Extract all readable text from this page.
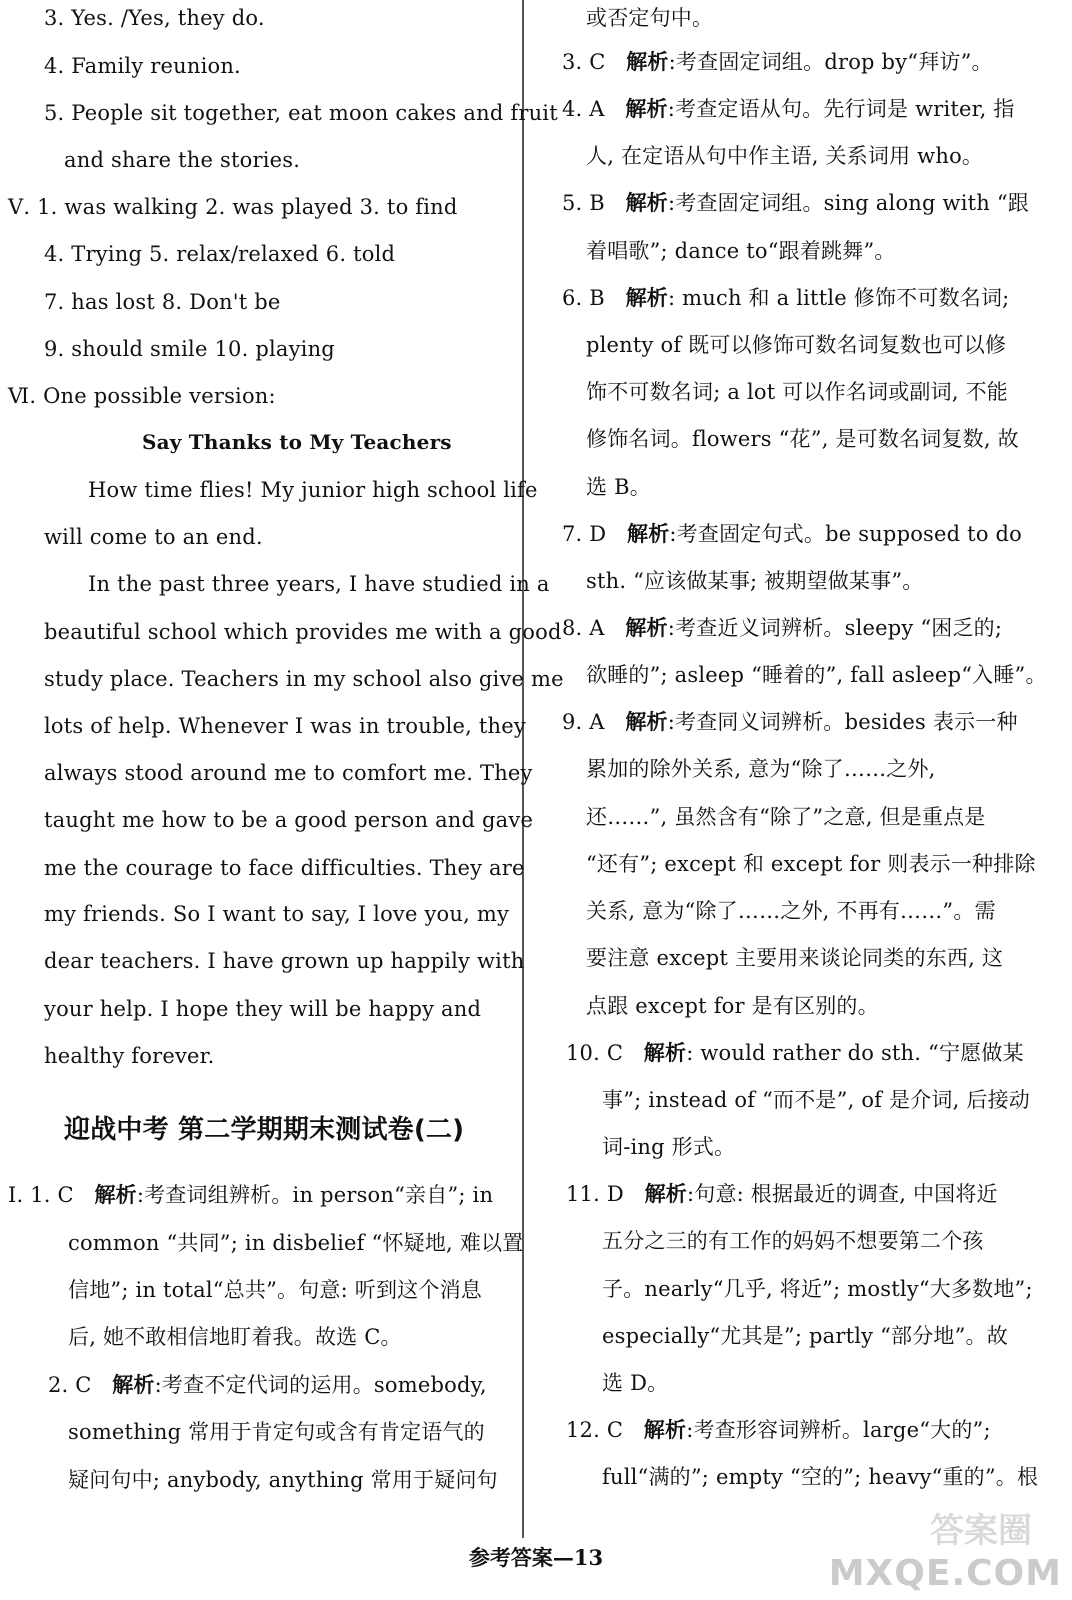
3. Yes. /Yes, they do.
4. Family reunion.
5. People sit together, eat moon cakes and fruit
and share the stories.
Ⅴ. 1. was walking 2. was played 3. to find
4. Trying 5. relax/relaxed 6. told
7. has lost 8. Don't be
9. should smile 10. playing
Ⅵ. One possible version:
Say Thanks to My Teachers
How time flies! My junior high school life
will come to an end.
In the past three years, I have studied in a
beautiful school which provides me with a good
study place. Teachers in my school also give me
lots of help. Whenever I was in trouble, they
always stood around me to comfort me. They
taught me how to be a good person and gave
me the courage to face difficulties. They are
my friends. So I want to say, I love you, my
dear teachers. I have grown up happily with
your help. I hope they will be happy and
healthy forever.
迎战中考 第二学期期末测试卷(二)
Ⅰ. 1. C 解析:考查词组辨析。in person“亲自”; in
common “共同”; in disbelief “怀疑地, 难以置
信地”; in total“总共”。句意: 听到这个消息
后, 她不敢相信地盯着我。故选 C。
2. C 解析:考查不定代词的运用。somebody,
something 常用于肯定句或含有肯定语气的
疑问句中; anybody, anything 常用于疑问句
或否定句中。
3. C 解析:考查固定词组。drop by“拜访”。
4. A 解析:考查定语从句。先行词是 writer, 指
人, 在定语从句中作主语, 关系词用 who。
5. B 解析:考查固定词组。sing along with “跟
着唱歌”; dance to“跟着跳舞”。
6. B 解析: much 和 a little 修饰不可数名词;
plenty of 既可以修饰可数名词复数也可以修
饰不可数名词; a lot 可以作名词或副词, 不能
修饰名词。flowers “花”, 是可数名词复数, 故
选 B。
7. D 解析:考查固定句式。be supposed to do
sth. “应该做某事; 被期望做某事”。
8. A 解析:考查近义词辨析。sleepy “困乏的;
欲睡的”; asleep “睡着的”, fall asleep“入睡”。
9. A 解析:考查同义词辨析。besides 表示一种
累加的除外关系, 意为“除了……之外,
还……”, 虽然含有“除了”之意, 但是重点是
“还有”; except 和 except for 则表示一种排除
关系, 意为“除了……之外, 不再有……”。需
要注意 except 主要用来谈论同类的东西, 这
点跟 except for 是有区别的。
10. C 解析: would rather do sth. “宁愿做某
事”; instead of “而不是”, of 是介词, 后接动
词-ing 形式。
11. D 解析:句意: 根据最近的调查, 中国将近
五分之三的有工作的妈妈不想要第二个孩
子。nearly“几乎, 将近”; mostly“大多数地”;
especially“尤其是”; partly “部分地”。故
选 D。
12. C 解析:考查形容词辨析。large“大的”;
full“满的”; empty “空的”; heavy“重的”。根
参考答案—13
答案圈
MXQE.COM
